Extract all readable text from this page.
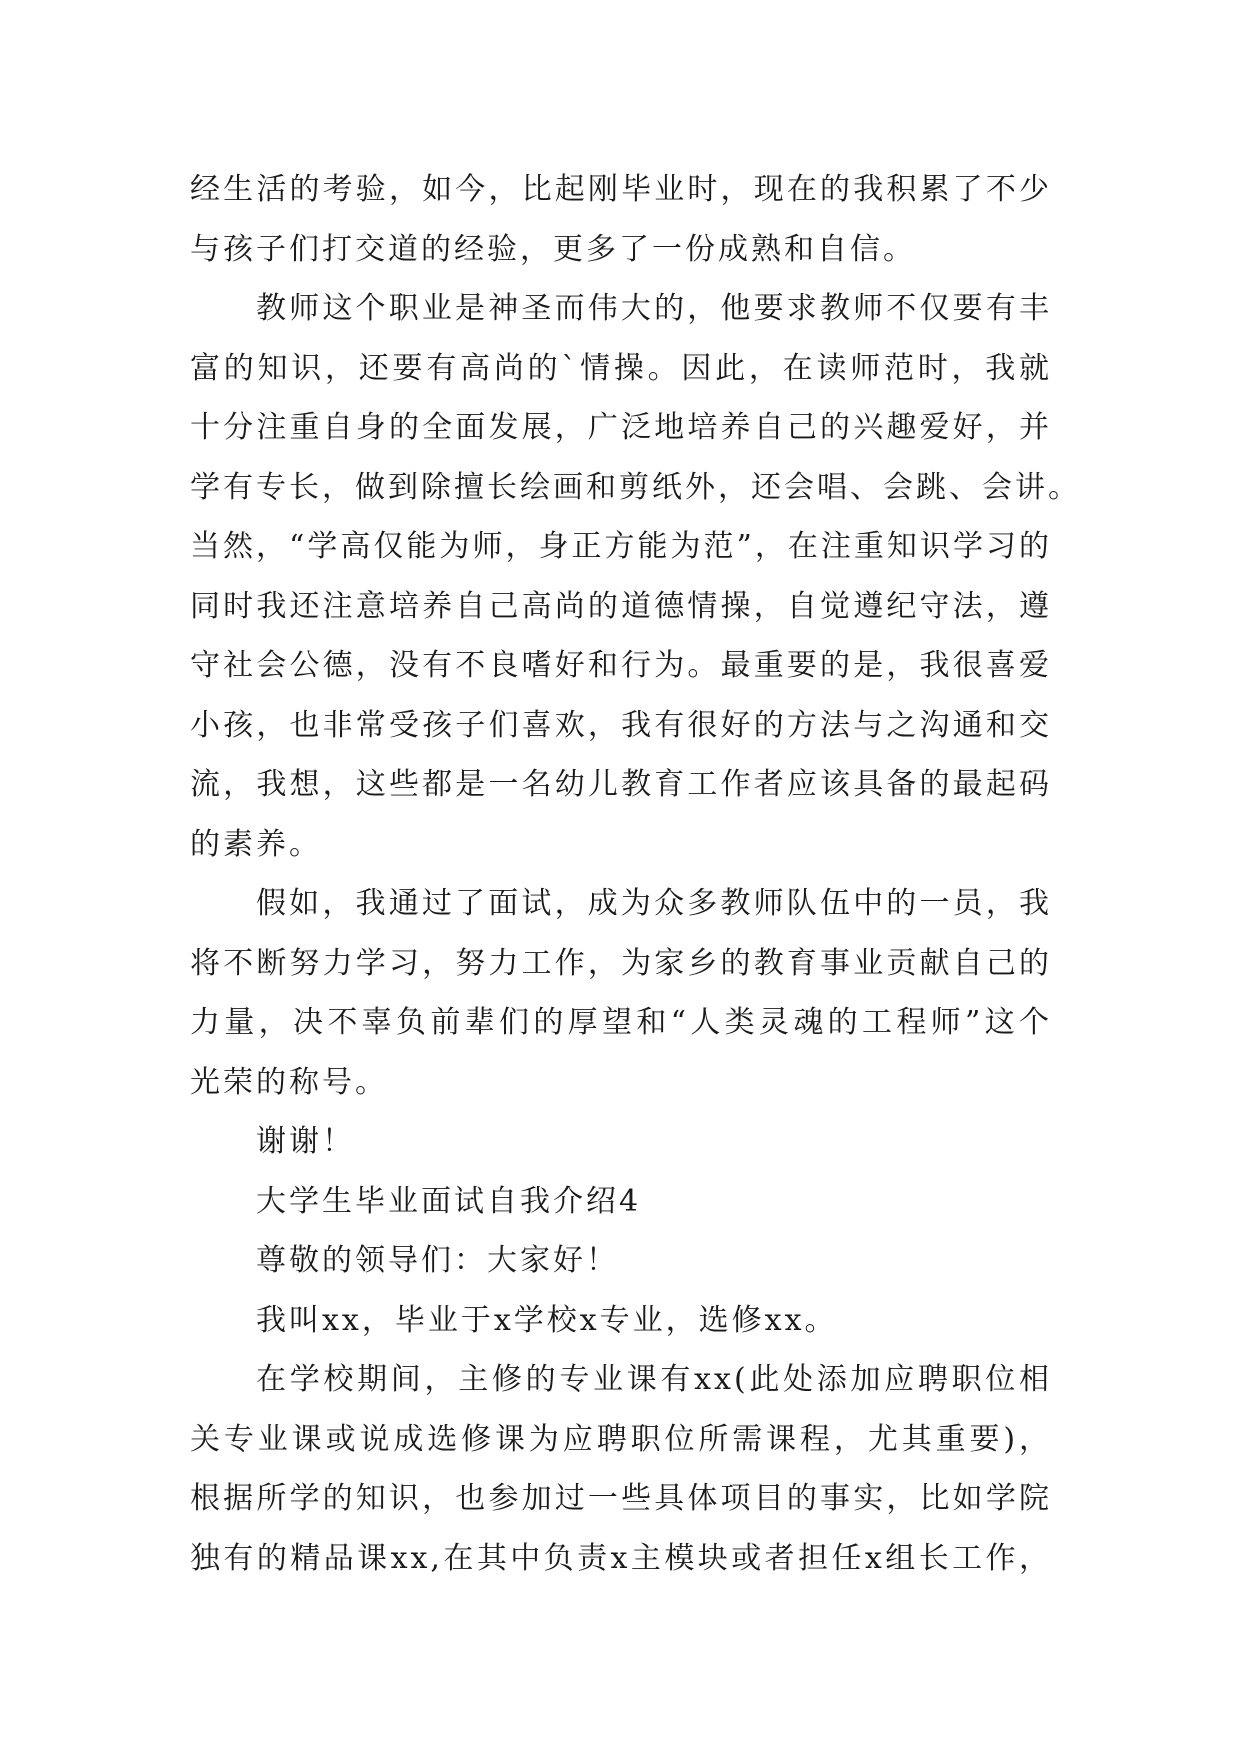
经生活的考验，如今，比起刚毕业时，现在的我积累了不少
与孩子们打交道的经验，更多了一份成熟和自信。
教师这个职业是神圣而伟大的，他要求教师不仅要有丰
富的知识，还要有高尚的`情操。因此，在读师范时，我就
十分注重自身的全面发展，广泛地培养自己的兴趣爱好，并
学有专长，做到除擅长绘画和剪纸外，还会唱、会跳、会讲。
当然，“学高仅能为师，身正方能为范”，在注重知识学习的
同时我还注意培养自己高尚的道德情操，自觉遵纪守法，遵
守社会公德，没有不良嗜好和行为。最重要的是，我很喜爱
小孩，也非常受孩子们喜欢，我有很好的方法与之沟通和交
流，我想，这些都是一名幼儿教育工作者应该具备的最起码
的素养。
假如，我通过了面试，成为众多教师队伍中的一员，我
将不断努力学习，努力工作，为家乡的教育事业贡献自己的
力量，决不辜负前辈们的厚望和“人类灵魂的工程师”这个
光荣的称号。
谢谢！
大学生毕业面试自我介绍4
尊敬的领导们：大家好！
我叫xx，毕业于x学校x专业，选修xx。
在学校期间，主修的专业课有xx(此处添加应聘职位相
关专业课或说成选修课为应聘职位所需课程，尤其重要)，
根据所学的知识，也参加过一些具体项目的事实，比如学院
独有的精品课xx,在其中负责x主模块或者担任x组长工作，
